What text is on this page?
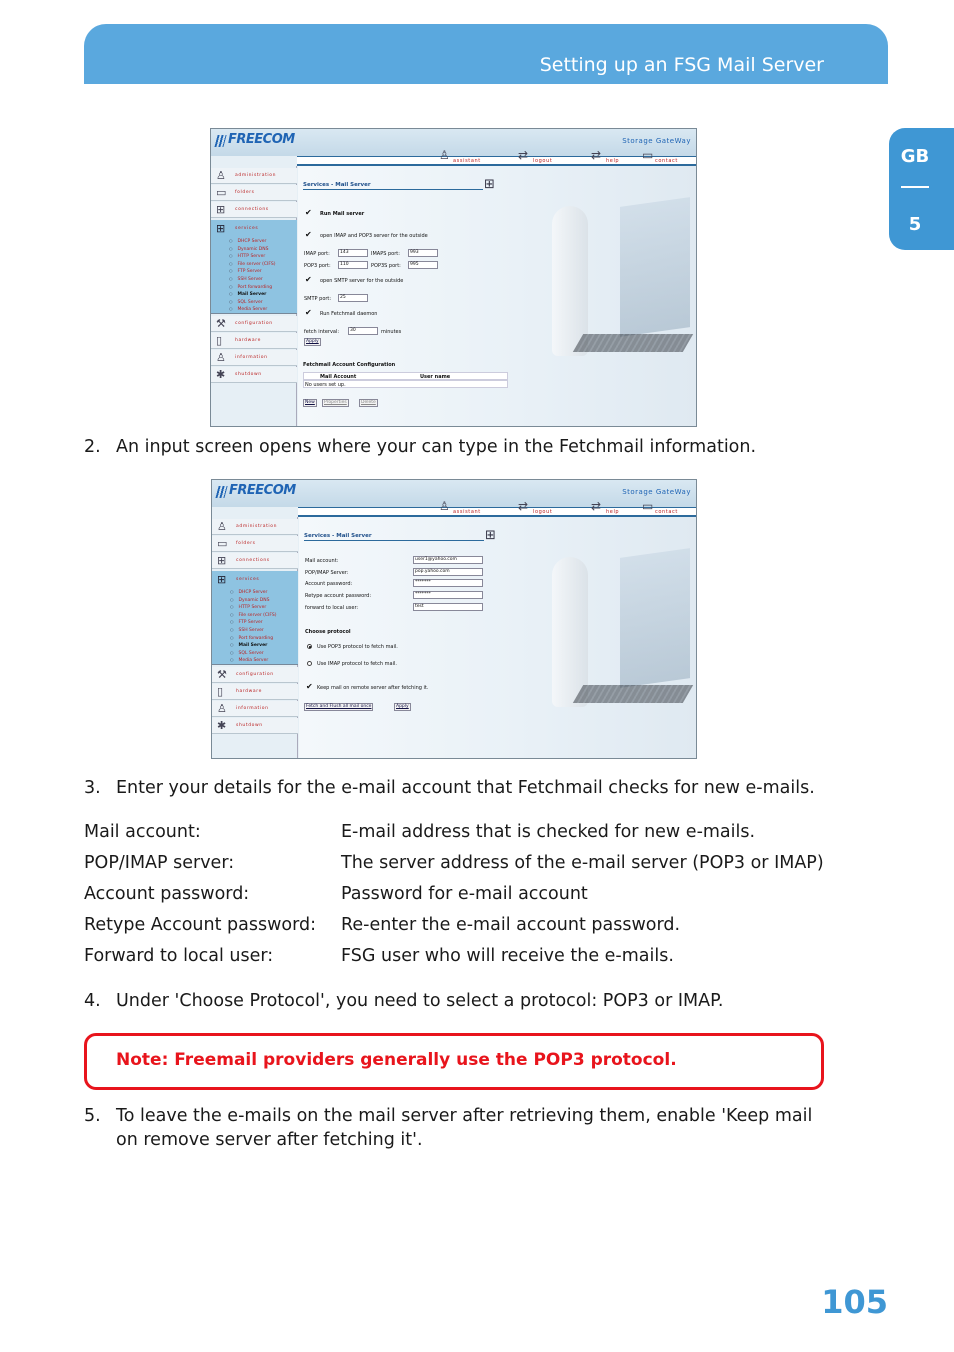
Setting up an FSG Mail Server
GB
5
FREECOM	Storage GateWay
♙ assistant	⇄ logout	⇄ help ▭ contact
♙ administration
▭ folders
⊞ connections
⊞ services
○ DHCP Server
○ Dynamic DNS
○ HTTP Server
○ File server (CIFS)
○ FTP Server
○ SSH Server
○ Port forwarding
○ Mail Server
○ SQL Server
○ Media Server
⚒ configuration
▯	hardware
♙ information
✱ shutdown
Services - Mail Server	⊞
✔ Run Mail server
✔ open IMAP and POP3 server for the outside
IMAP port:	143	IMAPS port:	993
POP3 port:	110	POP3S port:	995
✔ open SMTP server for the outside
SMTP port:	25
✔ Run Fetchmail daemon
fetch interval:	30	minutes
Apply
Fetchmail Account Configuration
Mail Account	User name
No users set up.
New	Properties	Delete
2. An input screen opens where your can type in the Fetchmail information.
FREECOM	Storage GateWay
♙ assistant	⇄ logout	⇄ help ▭ contact
♙ administration
▭ folders
⊞ connections
⊞ services
○ DHCP Server
○ Dynamic DNS
○ HTTP Server
○ File server (CIFS)
○ FTP Server
○ SSH Server
○ Port forwarding
○ Mail Server
○ SQL Server
○ Media Server
⚒ configuration
▯	hardware
♙ information
✱ shutdown
Services - Mail Server	⊞
Mail account:	user1@yahoo.com
POP/IMAP Server:	pop.yahoo.com
Account password:	*******
Retype account password:	*******
forward to local user:	test
Choose protocol
Use POP3 protocol to fetch mail.
Use IMAP protocol to fetch mail.
✔ Keep mail on remote server after fetching it.
Fetch and Flush all mail once	Apply
3. Enter your details for the e-mail account that Fetchmail checks for new e-mails.
Mail account:	E-mail address that is checked for new e-mails.
POP/IMAP server:	The server address of the e-mail server (POP3 or IMAP)
Account password:	Password for e-mail account
Retype Account password: Re-enter the e-mail account password.
Forward to local user:	FSG user who will receive the e-mails.
4. Under 'Choose Protocol', you need to select a protocol: POP3 or IMAP.
Note: Freemail providers generally use the POP3 protocol.
5. To leave the e-mails on the mail server after retrieving them, enable 'Keep mail on remove server after fetching it'.
105
